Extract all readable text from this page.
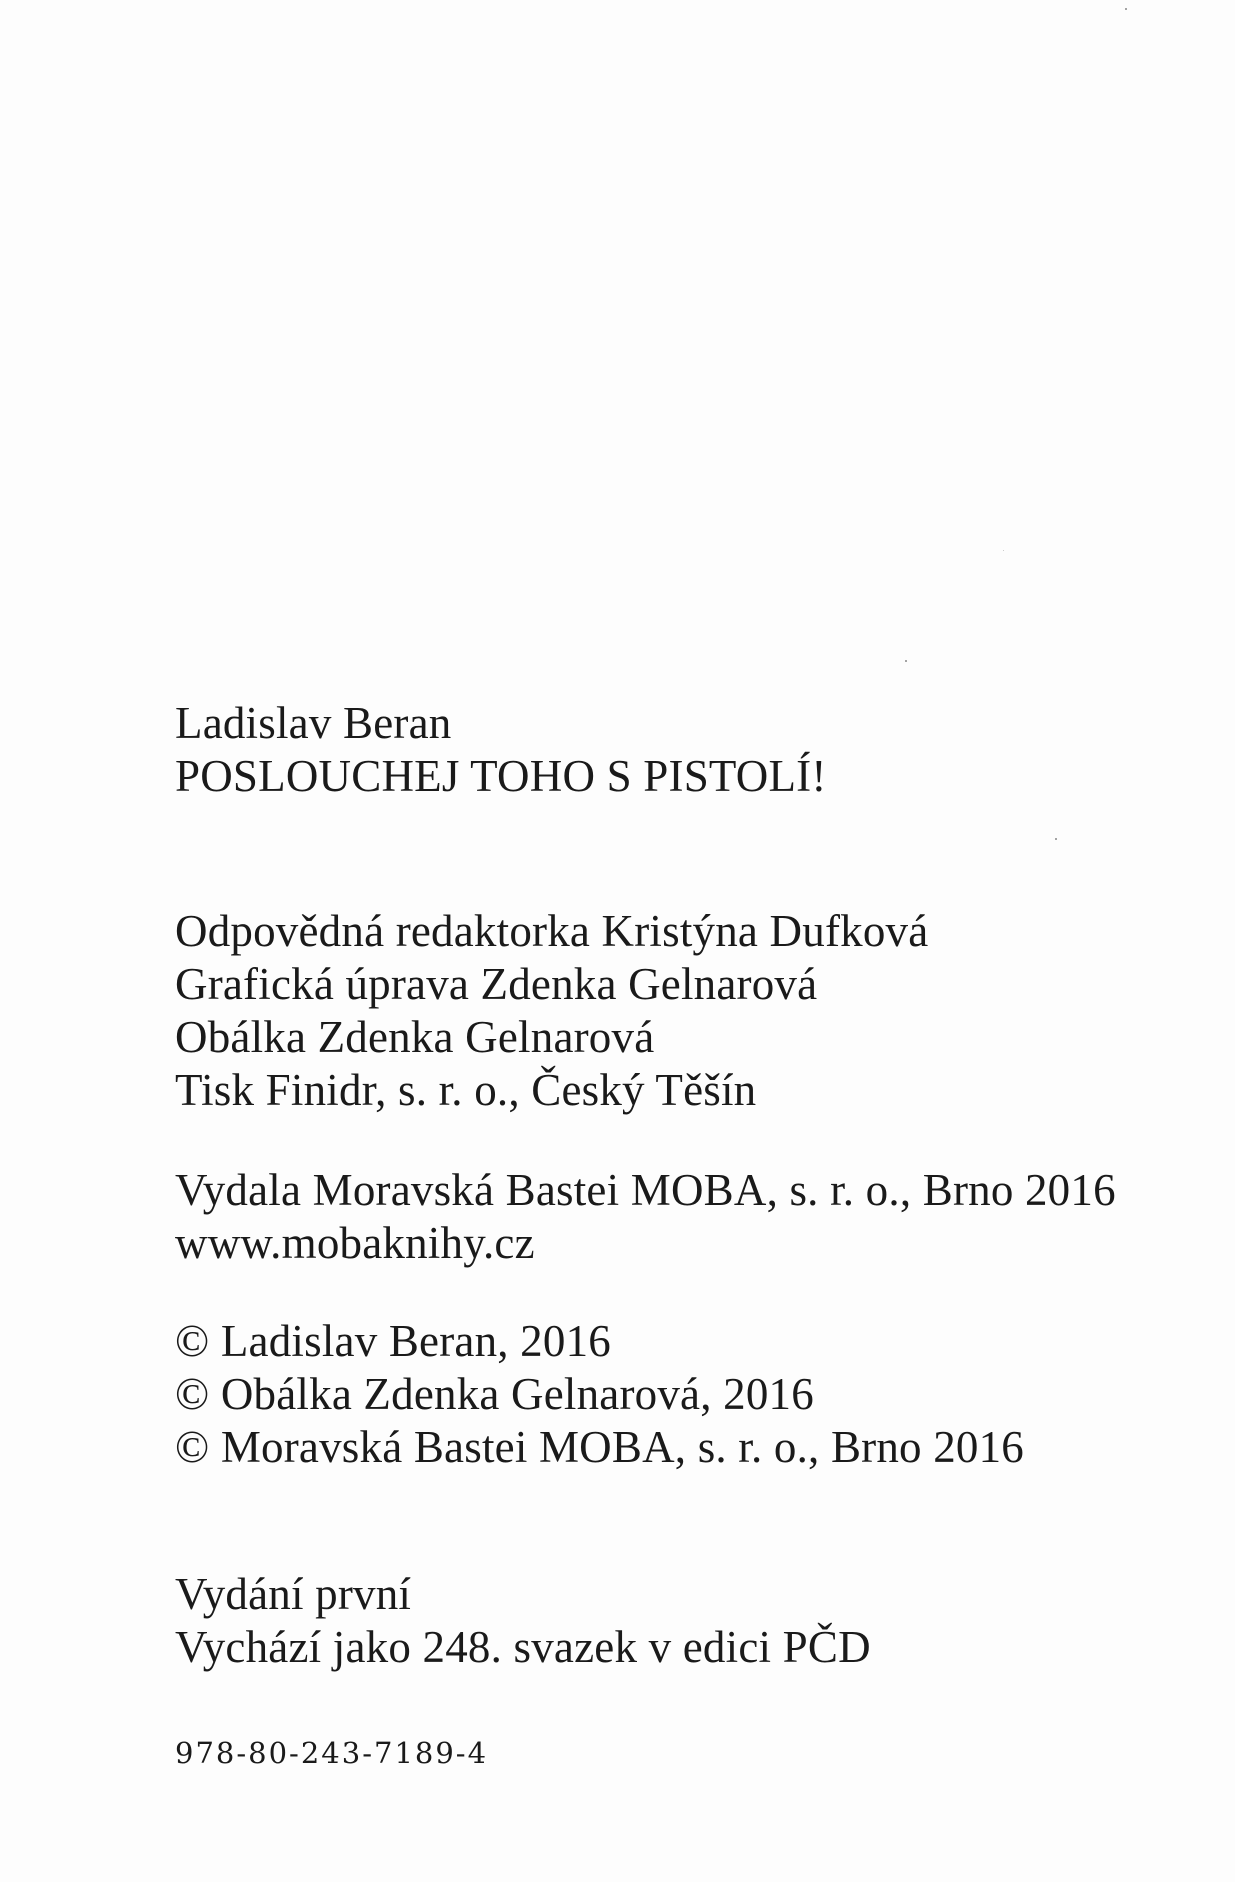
Ladislav Beran
POSLOUCHEJ TOHO S PISTOLÍ!
Odpovědná redaktorka Kristýna Dufková
Grafická úprava Zdenka Gelnarová
Obálka Zdenka Gelnarová
Tisk Finidr, s. r. o., Český Těšín
Vydala Moravská Bastei MOBA, s. r. o., Brno 2016
www.mobaknihy.cz
© Ladislav Beran, 2016
© Obálka Zdenka Gelnarová, 2016
© Moravská Bastei MOBA, s. r. o., Brno 2016
Vydání první
Vychází jako 248. svazek v edici PČD
978-80-243-7189-4
